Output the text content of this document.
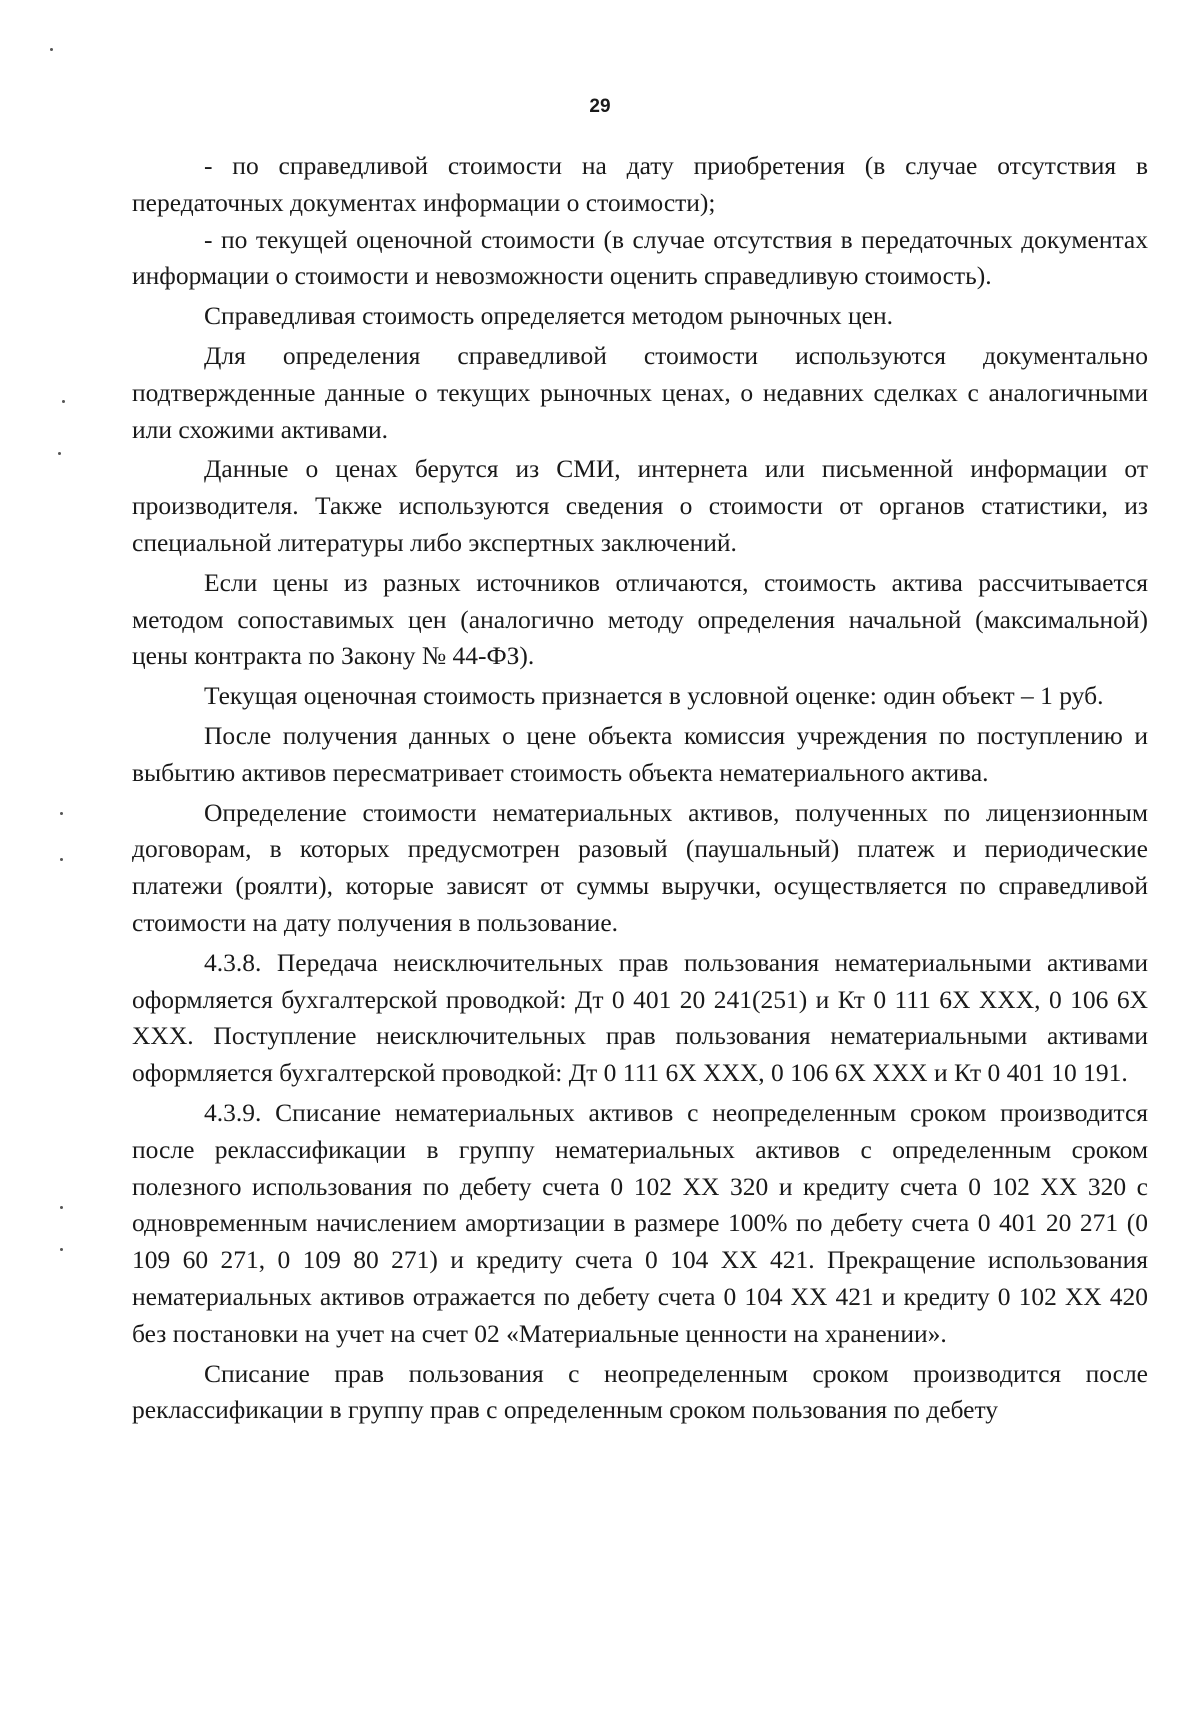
29

- по справедливой стоимости на дату приобретения (в случае отсутствия в передаточных документах информации о стоимости);

- по текущей оценочной стоимости (в случае отсутствия в передаточных документах информации о стоимости и невозможности оценить справедливую стоимость).

Справедливая стоимость определяется методом рыночных цен.

Для определения справедливой стоимости используются документально подтвержденные данные о текущих рыночных ценах, о недавних сделках с аналогичными или схожими активами.

Данные о ценах берутся из СМИ, интернета или письменной информации от производителя. Также используются сведения о стоимости от органов статистики, из специальной литературы либо экспертных заключений.

Если цены из разных источников отличаются, стоимость актива рассчитывается методом сопоставимых цен (аналогично методу определения начальной (максимальной) цены контракта по Закону № 44-ФЗ).

Текущая оценочная стоимость признается в условной оценке: один объект – 1 руб.

После получения данных о цене объекта комиссия учреждения по поступлению и выбытию активов пересматривает стоимость объекта нематериального актива.

Определение стоимости нематериальных активов, полученных по лицензионным договорам, в которых предусмотрен разовый (паушальный) платеж и периодические платежи (роялти), которые зависят от суммы выручки, осуществляется по справедливой стоимости на дату получения в пользование.

4.3.8. Передача неисключительных прав пользования нематериальными активами оформляется бухгалтерской проводкой: Дт 0 401 20 241(251) и Кт 0 111 6Х ХХХ, 0 106 6Х ХХХ. Поступление неисключительных прав пользования нематериальными активами оформляется бухгалтерской проводкой: Дт 0 111 6Х ХХХ, 0 106 6Х ХХХ и Кт 0 401 10 191.

4.3.9. Списание нематериальных активов с неопределенным сроком производится после реклассификации в группу нематериальных активов с определенным сроком полезного использования по дебету счета 0 102 ХХ 320 и кредиту счета 0 102 ХХ 320 с одновременным начислением амортизации в размере 100% по дебету счета 0 401 20 271 (0 109 60 271, 0 109 80 271) и кредиту счета 0 104 ХХ 421. Прекращение использования нематериальных активов отражается по дебету счета 0 104 ХХ 421 и кредиту 0 102 ХХ 420 без постановки на учет на счет 02 «Материальные ценности на хранении».

Списание прав пользования с неопределенным сроком производится после реклассификации в группу прав с определенным сроком пользования по дебету
